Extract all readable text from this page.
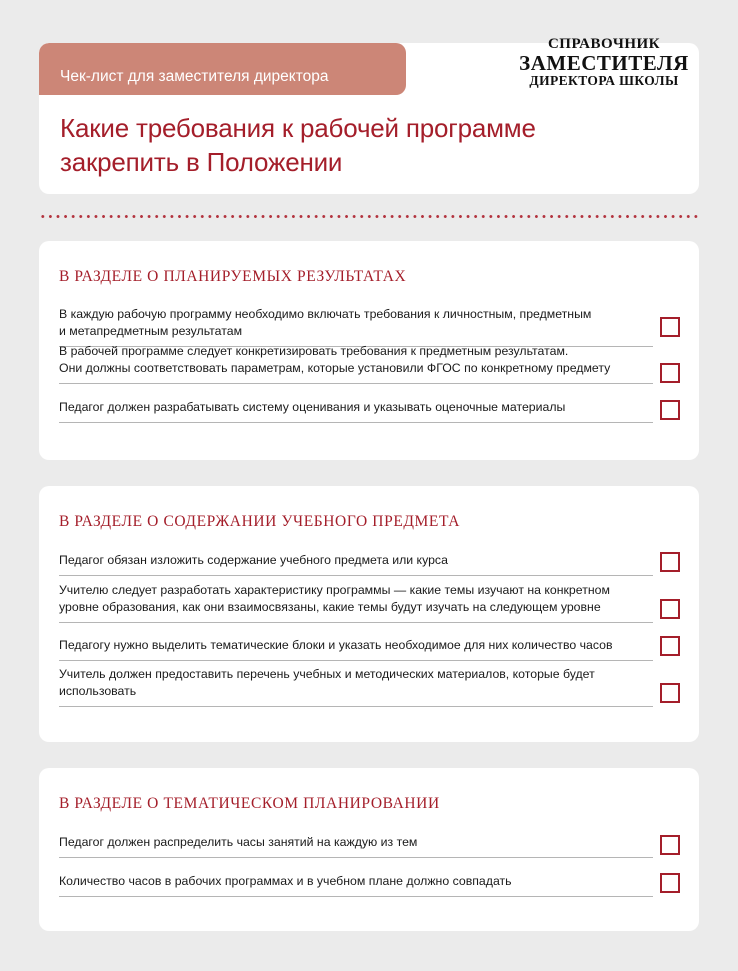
Чек-лист для заместителя директора
Какие требования к рабочей программе
закрепить в Положении
СПРАВОЧНИК
ЗАМЕСТИТЕЛЯ
ДИРЕКТОРА ШКОЛЫ
В РАЗДЕЛЕ О ПЛАНИРУЕМЫХ РЕЗУЛЬТАТАХ
В каждую рабочую программу необходимо включать требования к личностным, предметным
и метапредметным результатам
В рабочей программе следует конкретизировать требования к предметным результатам.
Они должны соответствовать параметрам, которые установили ФГОС по конкретному предмету
Педагог должен разрабатывать систему оценивания и указывать оценочные материалы
В РАЗДЕЛЕ О СОДЕРЖАНИИ УЧЕБНОГО ПРЕДМЕТА
Педагог обязан изложить содержание учебного предмета или курса
Учителю следует разработать характеристику программы — какие темы изучают на конкретном
уровне образования, как они взаимосвязаны, какие темы будут изучать на следующем уровне
Педагогу нужно выделить тематические блоки и указать необходимое для них количество часов
Учитель должен предоставить перечень учебных и методических материалов, которые будет
использовать
В РАЗДЕЛЕ О ТЕМАТИЧЕСКОМ ПЛАНИРОВАНИИ
Педагог должен распределить часы занятий на каждую из тем
Количество часов в рабочих программах и в учебном плане должно совпадать
